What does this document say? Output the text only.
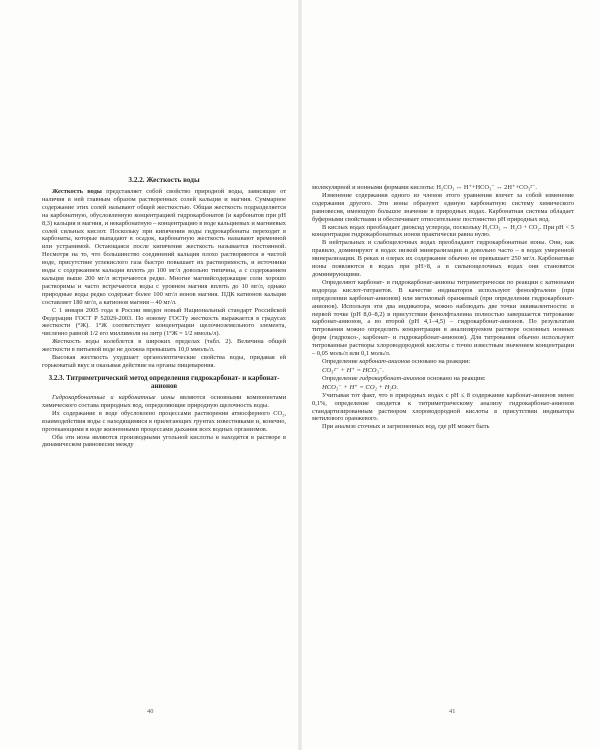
3.2.2. Жесткость воды

Жесткость воды представляет собой свойство природной воды, зависящее от наличия в ней главным образом растворенных солей кальция и магния. Суммарное содержание этих солей называют общей жесткостью. Общая жесткость подразделяется на карбонатную, обусловленную концентрацией гидрокарбонатов (и карбонатов при pH 8,3) кальция и магния, и некарбонатную – концентрацию в воде кальциевых и магниевых солей сильных кислот. Поскольку при кипячении воды гидрокарбонаты переходят в карбонаты, которые выпадают в осадок, карбонатную жесткость называют временной или устранимой. Остающаяся после кипячения жесткость называется постоянной. Несмотря на то, что большинство соединений кальция плохо растворяются в чистой воде, присутствие углекислого газа быстро повышает их растворимость, и источники воды с содержанием кальция вплоть до 100 мг/л довольно типичны, а с содержанием кальция выше 200 мг/л встречаются редко. Многие магнийсодержащие соли хорошо растворимы и часто встречаются воды с уровнем магния вплоть до 10 мг/л, однако природные воды редко содержат более 100 мг/л ионов магния. ПДК катионов кальция составляет 180 мг/л, а катионов магния – 40 мг/л.

С 1 января 2005 года в России введен новый Национальный стандарт Российской Федерации ГОСТ Р 52029-2003. По новому ГОСТу жесткость выражается в градусах жесткости (°Ж). 1°Ж соответствует концентрации щелочноземельного элемента, численно равной 1/2 его миллимоля на литр (1°Ж = 1/2 ммоль/л).

Жесткость воды колеблется в широких пределах (табл. 2). Величина общей жесткости в питьевой воде не должна превышать 10,0 ммоль/л.

Высокая жесткость ухудшает органолептические свойства воды, придавая ей горьковатый вкус и оказывая действие на органы пищеварения.

3.2.3. Титриметрический метод определения гидрокарбонат- и карбонат-анионов

Гидрокарбонатные и карбонатные ионы являются основными компонентами химического состава природных вод, определяющие природную щелочность воды.

Их содержание в воде обусловлено процессами растворения атмосферного CO₂, взаимодействия воды с находящимися в прилегающих грунтах известняками и, конечно, протекающими в воде жизненными процессами дыхания всех водных организмов.

Оба эти иона являются производными угольной кислоты и находятся в растворе в динамическом равновесии между

40

молекулярной и ионными формами кислоты: H₂CO₃ ↔ H⁺+HCO₃⁻ ↔ 2H⁺+CO₃²⁻.

Изменение содержания одного из членов этого уравнения влечет за собой изменение содержания другого. Эти ионы образуют единую карбонатную систему химического равновесия, имеющую большое значение в природных водах. Карбонатная система обладает буферными свойствами и обеспечивает относительное постоянство pH природных вод.

В кислых водах преобладает диоксид углерода, поскольку H₂CO₃ ↔ H₂O + CO₂. При pH < 5 концентрация гидрокарбонатных ионов практически равна нулю.

В нейтральных и слабощелочных водах преобладают гидрокарбонатные ионы. Они, как правило, доминируют в водах низкой минерализации и довольно часто – в водах умеренной минерализации. В реках и озерах их содержание обычно не превышает 250 мг/л. Карбонатные ионы появляются в водах при pH>8, а в сильнощелочных водах они становятся доминирующими.

Определяют карбонат- и гидрокарбонат-анионы титриметрически по реакции с катионами водорода кислот-титрантов. В качестве индикаторов используют фенолфталеин (при определении карбонат-анионов) или метиловый оранжевый (при определении гидрокарбонат-анионов). Используя эти два индикатора, можно наблюдать две точки эквивалентности: в первой точке (pH 8,0–8,2) в присутствии фенолфталеина полностью завершается титрование карбонат-анионов, а во второй (pH 4,1–4,5) – гидрокарбонат-анионов. По результатам титрования можно определить концентрации в анализируемом растворе основных ионных форм (гидроксо-, карбонат- и гидрокарбонат-анионов). Для титрования обычно используют титрованные растворы хлороводородной кислоты с точно известным значением концентрации – 0,05 моль/л или 0,1 моль/л.

Определение карбонат-анионов основано на реакции:

CO₃²⁻ + H⁺ = HCO₃⁻.

Определение гидрокарбонат-анионов основано на реакции:

HCO₃⁻ + H⁺ = CO₂ + H₂O.

Учитывая тот факт, что в природных водах с pH ≤ 8 содержание карбонат-анионов менее 0,1%, определение сводится к титриметрическому анализу гидрокарбонат-анионов стандартизированным раствором хлороводородной кислоты в присутствии индикатора метилового оранжевого.

При анализе сточных и загрязненных вод, где pH может быть

41
